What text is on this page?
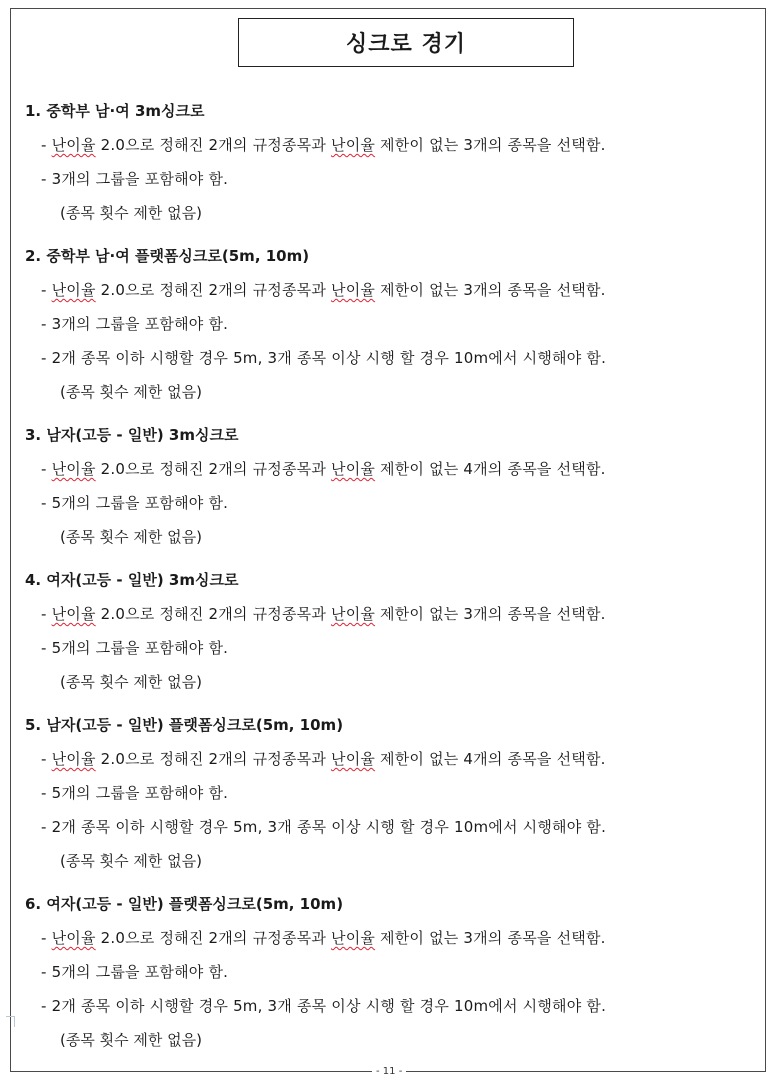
싱크로 경기
1. 중학부 남·여 3m싱크로
- 난이율 2.0으로 정해진 2개의 규정종목과 난이율 제한이 없는 3개의 종목을 선택함.
- 3개의 그룹을 포함해야 함.
(종목 횟수 제한 없음)
2. 중학부 남·여 플랫폼싱크로(5m, 10m)
- 난이율 2.0으로 정해진 2개의 규정종목과 난이율 제한이 없는 3개의 종목을 선택함.
- 3개의 그룹을 포함해야 함.
- 2개 종목 이하 시행할 경우 5m, 3개 종목 이상 시행 할 경우 10m에서 시행해야 함.
(종목 횟수 제한 없음)
3. 남자(고등 - 일반) 3m싱크로
- 난이율 2.0으로 정해진 2개의 규정종목과 난이율 제한이 없는 4개의 종목을 선택함.
- 5개의 그룹을 포함해야 함.
(종목 횟수 제한 없음)
4. 여자(고등 - 일반) 3m싱크로
- 난이율 2.0으로 정해진 2개의 규정종목과 난이율 제한이 없는 3개의 종목을 선택함.
- 5개의 그룹을 포함해야 함.
(종목 횟수 제한 없음)
5. 남자(고등 - 일반) 플랫폼싱크로(5m, 10m)
- 난이율 2.0으로 정해진 2개의 규정종목과 난이율 제한이 없는 4개의 종목을 선택함.
- 5개의 그룹을 포함해야 함.
- 2개 종목 이하 시행할 경우 5m, 3개 종목 이상 시행 할 경우 10m에서 시행해야 함.
(종목 횟수 제한 없음)
6. 여자(고등 - 일반) 플랫폼싱크로(5m, 10m)
- 난이율 2.0으로 정해진 2개의 규정종목과 난이율 제한이 없는 3개의 종목을 선택함.
- 5개의 그룹을 포함해야 함.
- 2개 종목 이하 시행할 경우 5m, 3개 종목 이상 시행 할 경우 10m에서 시행해야 함.
(종목 횟수 제한 없음)
- 11 -
